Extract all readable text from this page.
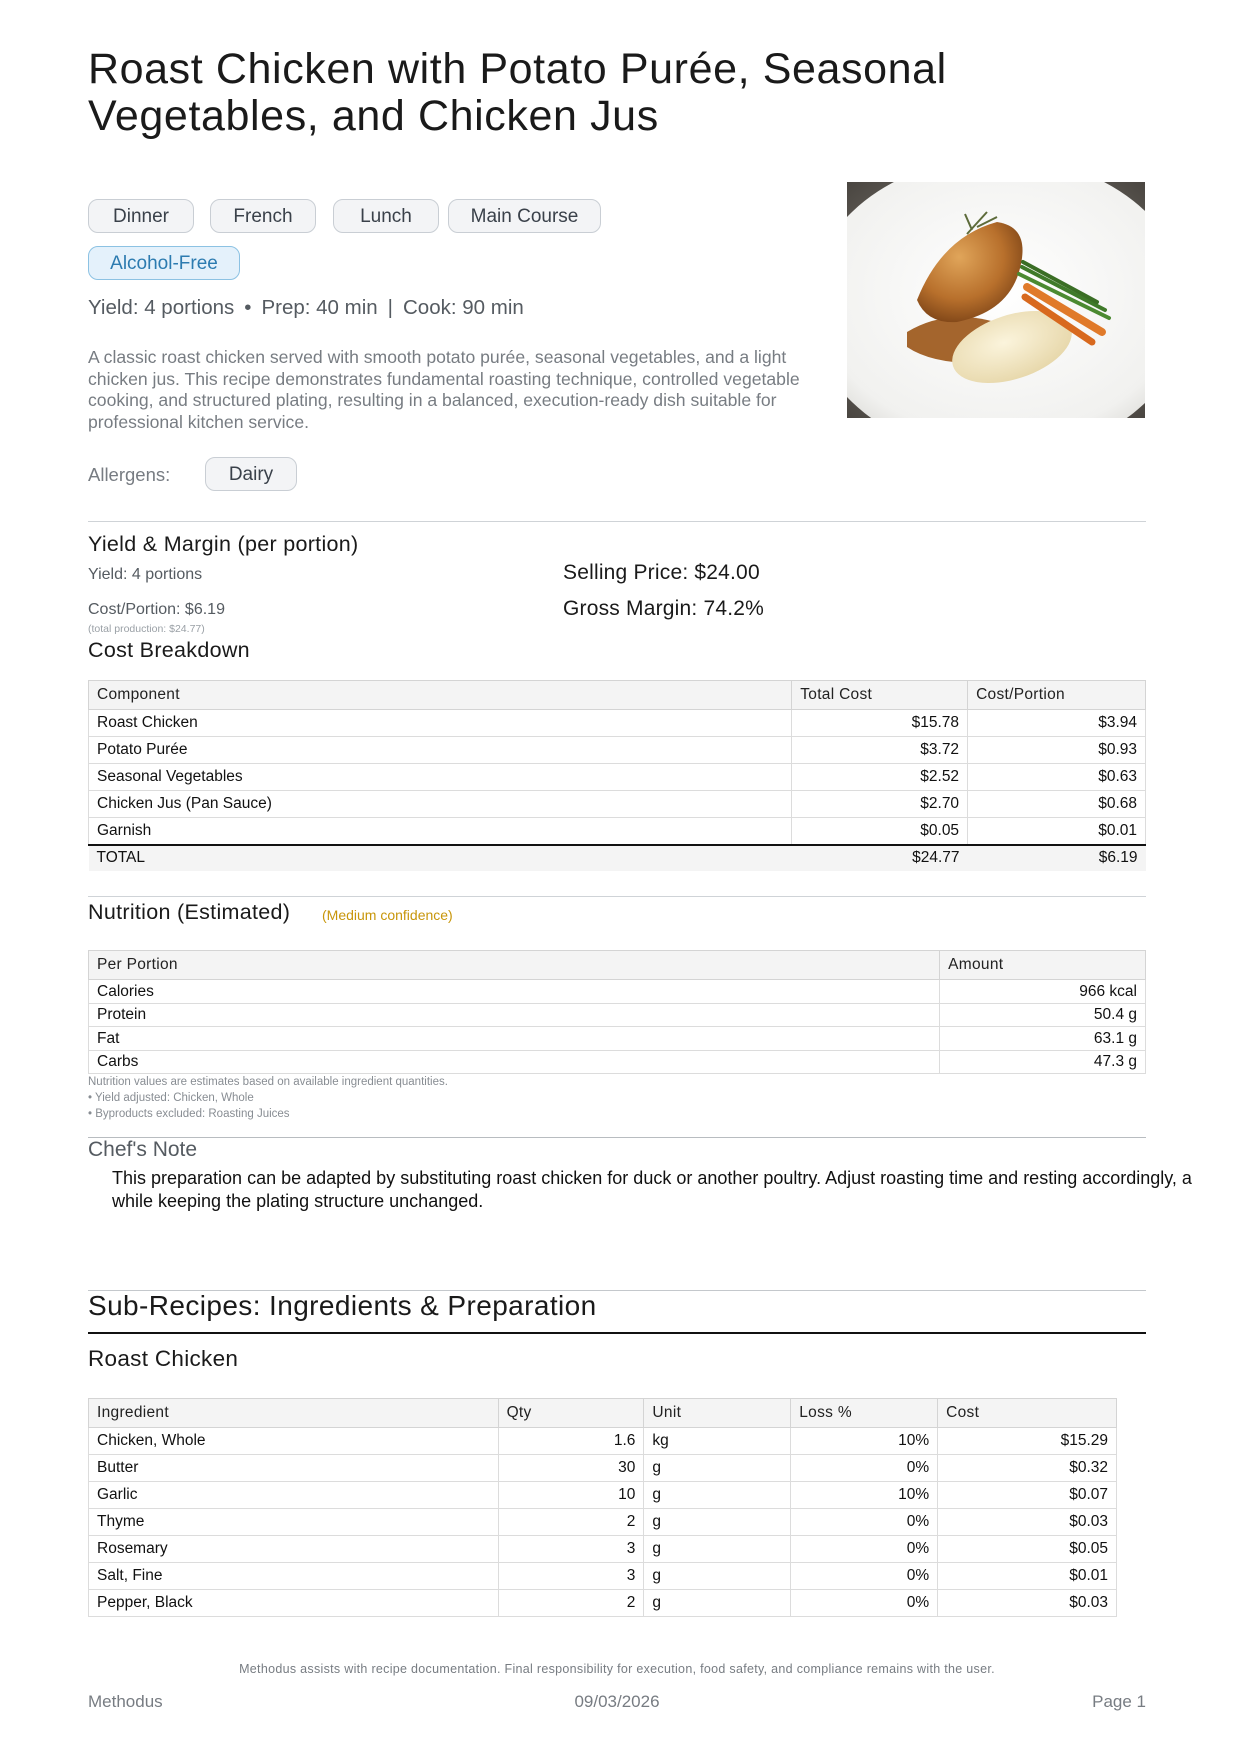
Roast Chicken with Potato Purée, Seasonal Vegetables, and Chicken Jus
Dinner	French	Lunch	Main Course
Alcohol-Free
Yield: 4 portions • Prep: 40 min | Cook: 90 min
A classic roast chicken served with smooth potato purée, seasonal vegetables, and a light chicken jus. This recipe demonstrates fundamental roasting technique, controlled vegetable cooking, and structured plating, resulting in a balanced, execution-ready dish suitable for professional kitchen service.
Allergens:	Dairy
Yield & Margin (per portion)
Yield: 4 portions
Cost/Portion: $6.19
(total production: $24.77)
Selling Price: $24.00
Gross Margin: 74.2%
Cost Breakdown
Component	Total Cost	Cost/Portion
Roast Chicken	$15.78	$3.94
Potato Purée	$3.72	$0.93
Seasonal Vegetables	$2.52	$0.63
Chicken Jus (Pan Sauce)	$2.70	$0.68
Garnish	$0.05	$0.01
TOTAL	$24.77	$6.19
Nutrition (Estimated) (Medium confidence)
Per Portion	Amount
Calories	966 kcal
Protein	50.4 g
Fat	63.1 g
Carbs	47.3 g
Nutrition values are estimates based on available ingredient quantities.
• Yield adjusted: Chicken, Whole
• Byproducts excluded: Roasting Juices
Chef's Note
This preparation can be adapted by substituting roast chicken for duck or another poultry. Adjust roasting time and resting accordingly, a while keeping the plating structure unchanged.
Sub-Recipes: Ingredients & Preparation
Roast Chicken
Ingredient	Qty	Unit	Loss %	Cost
Chicken, Whole	1.6	kg	10%	$15.29
Butter	30	g	0%	$0.32
Garlic	10	g	10%	$0.07
Thyme	2	g	0%	$0.03
Rosemary	3	g	0%	$0.05
Salt, Fine	3	g	0%	$0.01
Pepper, Black	2	g	0%	$0.03
Methodus assists with recipe documentation. Final responsibility for execution, food safety, and compliance remains with the user.
Methodus	09/03/2026	Page 1
